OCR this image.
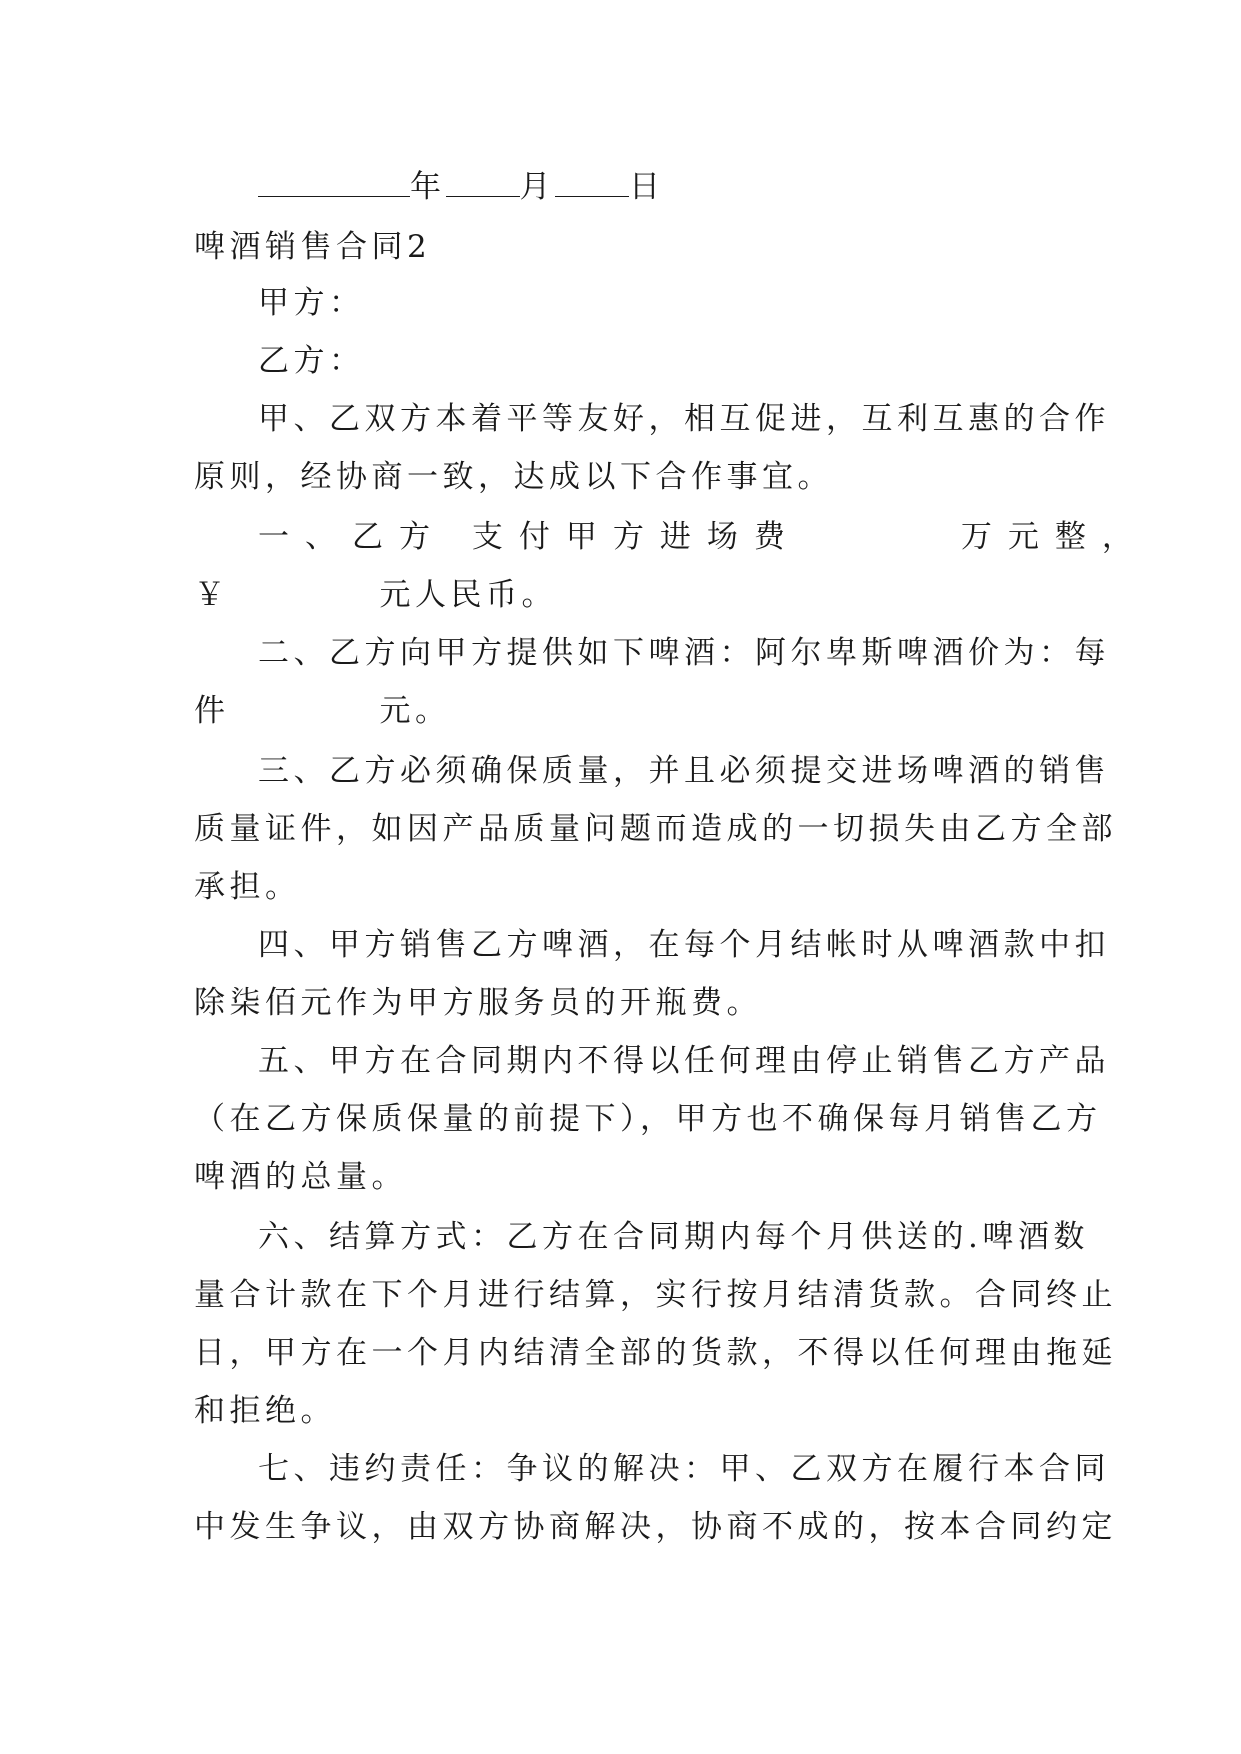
年 月 日
啤酒销售合同2
甲方：
乙方：
甲、乙双方本着平等友好，相互促进，互利互惠的合作
原则，经协商一致，达成以下合作事宜。
一、乙方 支付甲方进场费	万元整，
￥	元人民币。
二、乙方向甲方提供如下啤酒：阿尔卑斯啤酒价为：每
件	元。
三、乙方必须确保质量，并且必须提交进场啤酒的销售
质量证件，如因产品质量问题而造成的一切损失由乙方全部
承担。
四、甲方销售乙方啤酒，在每个月结帐时从啤酒款中扣
除柒佰元作为甲方服务员的开瓶费。
五、甲方在合同期内不得以任何理由停止销售乙方产品
（在乙方保质保量的前提下），甲方也不确保每月销售乙方
啤酒的总量。
六、结算方式：乙方在合同期内每个月供送的.啤酒数
量合计款在下个月进行结算，实行按月结清货款。合同终止
日，甲方在一个月内结清全部的货款，不得以任何理由拖延
和拒绝。
七、违约责任：争议的解决：甲、乙双方在履行本合同
中发生争议，由双方协商解决，协商不成的，按本合同约定
